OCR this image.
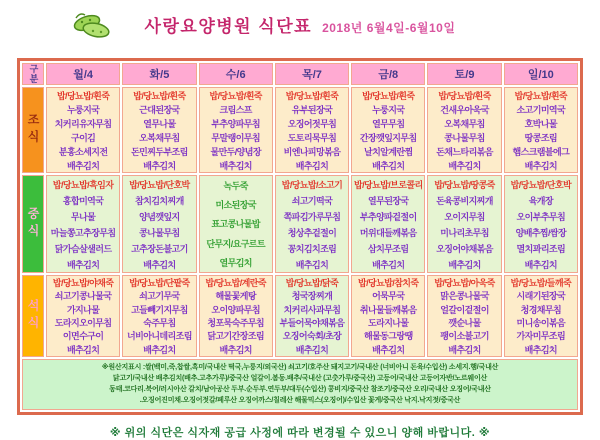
사랑요양병원 식단표 2018년 6월4일-6월10일
구분	월/4	화/5	수/6	목/7	금/8	토/9	일/10

조식

밥/당뇨밥/흰죽
누룽지국
치커리유자무침
구이김
분홍소세지전
배추김치

밥/당뇨밥/흰죽
근대된장국
열무나물
오복채무침
돈민찌두부조림
배추김치

밥/당뇨밥/흰죽
크림스프
부추양파무침
무말랭이무침
물만두/양념장
배추김치

밥/당뇨밥/흰죽
유부된장국
오징어젓무침
도토리묵무침
비엔나피망볶음
배추김치

밥/당뇨밥/흰죽
누룽지국
열무무침
간장깻잎지무침
날치알계란찜
배추김치

밥/당뇨밥/흰죽
건새우아욱국
오복채무침
콩나물무침
돈채느타리볶음
배추김치

밥/당뇨밥/흰죽
소고기미역국
호박나물
땅콩조림
햄스크램블에그
배추김치

중식

밥/당뇨밥/흑임자
홍합미역국
무나물
마늘쫑고추장무침
닭가슴살샐러드
배추김치

밥/당뇨밥/단호박
참치김치찌개
양념깻잎지
콩나물무침
고추장돈불고기
배추김치

녹두죽
미소된장국
표고콩나물밥
단무지/요구르트
열무김치

밥/당뇨밥/소고기
쇠고기떡국
쪽파김가루무침
청상추겉절이
꽁치김치조림
배추김치

밥/당뇨밥/브로콜리
열무된장국
부추양파겉절이
머위대들깨볶음
삼치무조림
배추김치

밥/당뇨밥/땅콩죽
돈육콩비지찌개
오이지무침
미나리초무침
오징어야채볶음
배추김치

밥/당뇨밥/단호박
육개장
오이부추무침
양배추찜/쌈장
멸치꽈리조림
배추김치

석식

밥/당뇨밥/야채죽
쇠고기콩나물국
가지나물
도라지오이무침
이면수구이
배추김치

밥/당뇨밥/단팥죽
쇠고기무국
고들빼기지무침
숙주무침
너비아니데리조림
배추김치

밥/당뇨밥/계란죽
해물꽃게탕
오이양파무침
청포묵숙주무침
닭고기간장조림
배추김치

밥/당뇨밥/닭죽
청국장찌개
치커리사과무침
부들어묵야채볶음
오징어숙회/초장
배추김치

밥/당뇨밥/참치죽
어묵무국
취나물들깨볶음
도라지나물
해물동그랑땡
배추김치

밥/당뇨밥/아욱죽
맑은콩나물국
얼갈이겉절이
깻순나물
팽이소불고기
배추김치

밥/당뇨밥/들깨죽
시래기된장국
청경채무침
미니송이볶음
가자미무조림
배추김치

※원산지표시 :쌀(백미,죽,찹쌀,흑미/국내산 떡국,누룽지/외국산) 쇠고기/호주산 돼지고기/국내산 (너비아니 돈육/수입산) 소세지.햄/국내산
닭고기/국내산 배추김치(배추.고추가루)/중국산 얼갈이.봄동.배추/국내산 (고춧가루/중국산) 고등어/국내산 고등어자반/노르웨이산
동태.코다리.북어/러시아산 갈치/남아공산 두부.순두부.연두부/대두(수입산) 콩비지/중국산 참조기/중국산 오리/국내산 오징어/국내산
.오징어진미채.오징어젓갈/페루산 오징어까스/칠레산 해물믹스(오징어)/수입산 꽃게/중국산 낙지.낙지젓/중국산							
※ 위의 식단은 식자재 공급 사정에 따라 변경될 수 있으니 양해 바랍니다. ※
